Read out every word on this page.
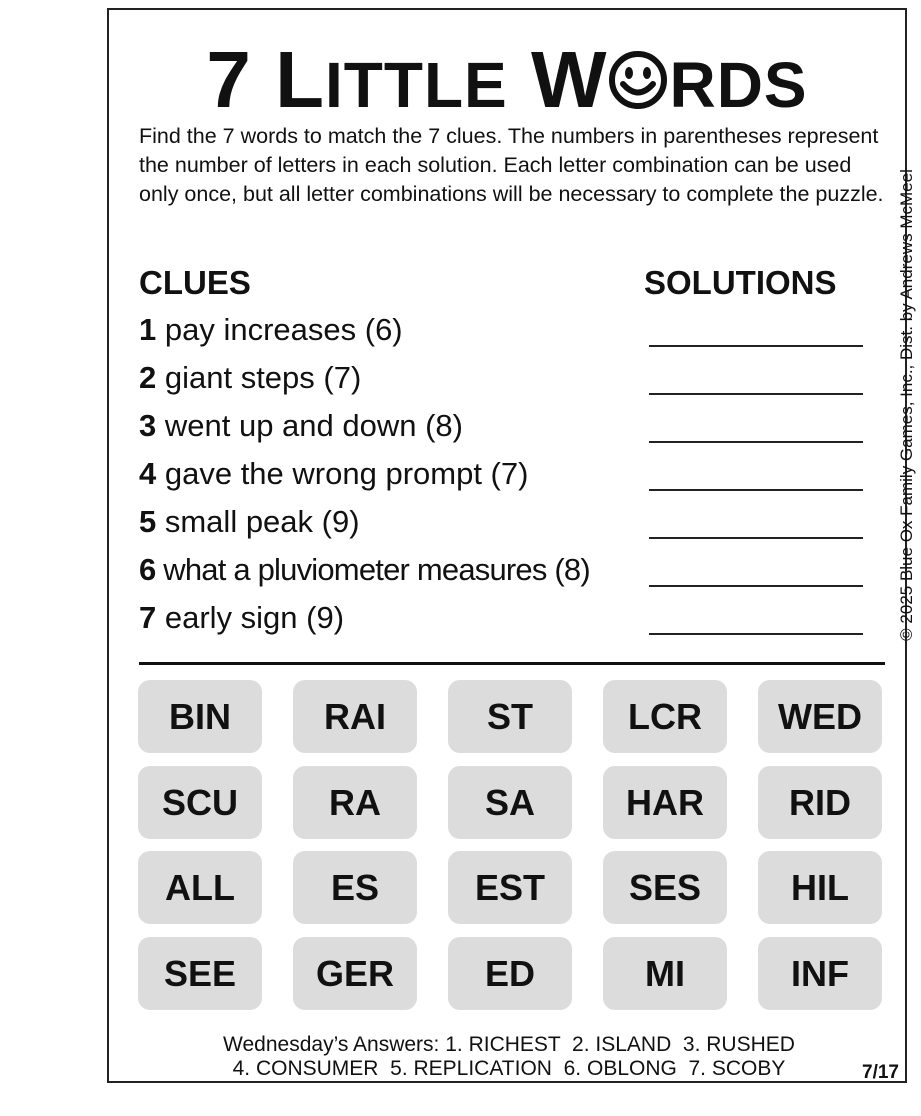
7 LITTLE W RDS
Find the 7 words to match the 7 clues. The numbers in parentheses represent the number of letters in each solution. Each letter combination can be used only once, but all letter combinations will be necessary to complete the puzzle. © 2025 Blue Ox Family Games, Inc., Dist. by Andrews McMeel
CLUES	SOLUTIONS
1 pay increases (6)
2 giant steps (7)
3 went up and down (8)
4 gave the wrong prompt (7)
5 small peak (9)
6 what a pluviometer measures (8)
7 early sign (9)
BIN	RAI	ST	LCR	WED
SCU	RA	SA	HAR	RID
ALL	ES	EST	SES	HIL
SEE	GER	ED	MI	INF
Wednesday’s Answers: 1. RICHEST  2. ISLAND  3. RUSHED
4. CONSUMER  5. REPLICATION  6. OBLONG  7. SCOBY	7/17
